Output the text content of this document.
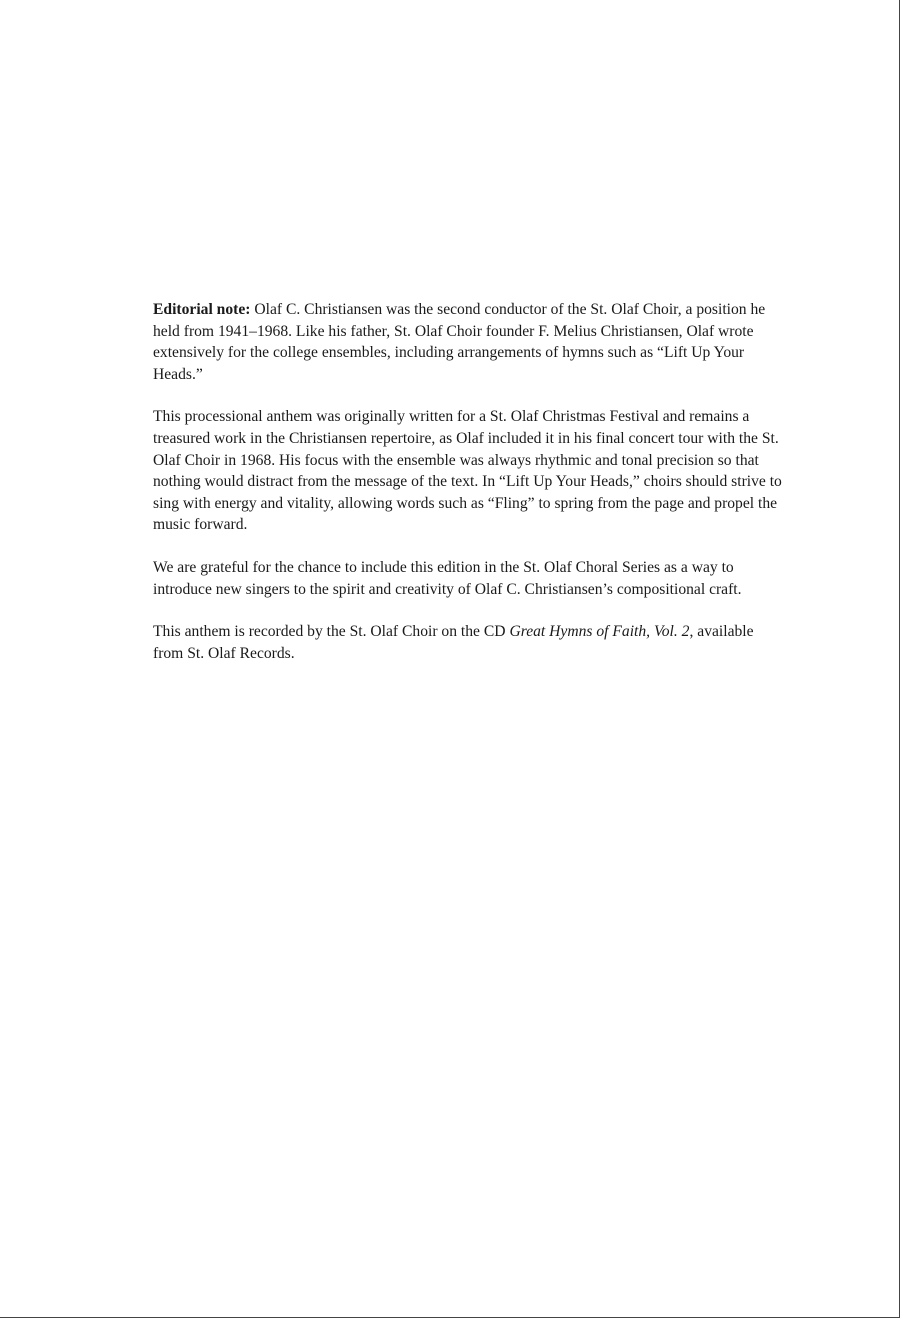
Editorial note: Olaf C. Christiansen was the second conductor of the St. Olaf Choir, a position he held from 1941–1968. Like his father, St. Olaf Choir founder F. Melius Christiansen, Olaf wrote extensively for the college ensembles, including arrangements of hymns such as “Lift Up Your Heads.”

This processional anthem was originally written for a St. Olaf Christmas Festival and remains a treasured work in the Christiansen repertoire, as Olaf included it in his final concert tour with the St. Olaf Choir in 1968. His focus with the ensemble was always rhythmic and tonal precision so that nothing would distract from the message of the text. In “Lift Up Your Heads,” choirs should strive to sing with energy and vitality, allowing words such as “Fling” to spring from the page and propel the music forward.

We are grateful for the chance to include this edition in the St. Olaf Choral Series as a way to introduce new singers to the spirit and creativity of Olaf C. Christiansen’s compositional craft.

This anthem is recorded by the St. Olaf Choir on the CD Great Hymns of Faith, Vol. 2, available from St. Olaf Records.
